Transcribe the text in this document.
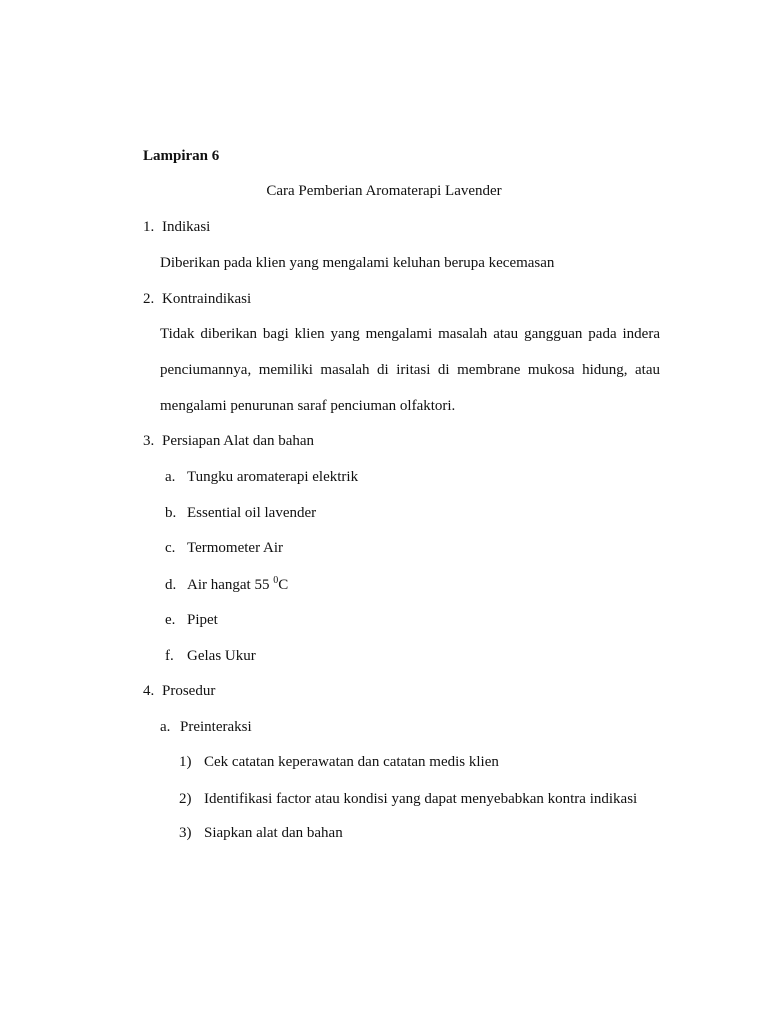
Lampiran 6
Cara Pemberian Aromaterapi Lavender
1. Indikasi
Diberikan pada klien yang mengalami keluhan berupa kecemasan
2. Kontraindikasi
Tidak diberikan bagi klien yang mengalami masalah atau gangguan pada indera
penciumannya, memiliki masalah di iritasi di membrane mukosa hidung, atau
mengalami penurunan saraf penciuman olfaktori.
3. Persiapan Alat dan bahan
a. Tungku aromaterapi elektrik
b. Essential oil lavender
c. Termometer Air
d. Air hangat 55 $^0$C
e. Pipet
f. Gelas Ukur
4. Prosedur
a. Preinteraksi
1) Cek catatan keperawatan dan catatan medis klien
2) Identifikasi factor atau kondisi yang dapat menyebabkan kontra indikasi
3) Siapkan alat dan bahan
